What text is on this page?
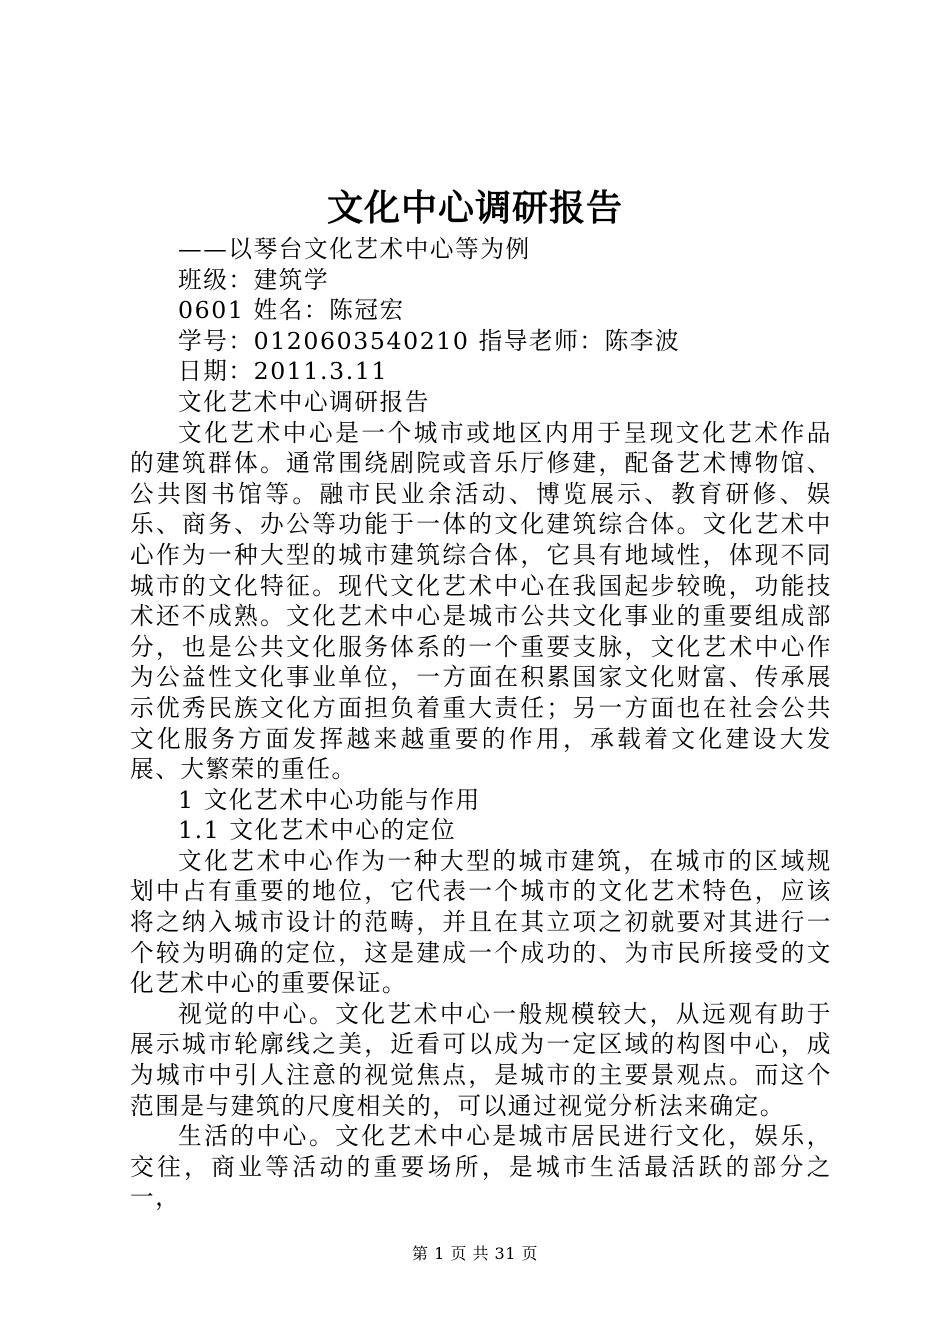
文化中心调研报告
——以琴台文化艺术中心等为例
班级：建筑学
0601 姓名：陈冠宏
学号：0120603540210 指导老师：陈李波
日期：2011.3.11
文化艺术中心调研报告

文化艺术中心是一个城市或地区内用于呈现文化艺术作品的建筑群体。通常围绕剧院或音乐厅修建，配备艺术博物馆、公共图书馆等。融市民业余活动、博览展示、教育研修、娱乐、商务、办公等功能于一体的文化建筑综合体。文化艺术中心作为一种大型的城市建筑综合体，它具有地域性，体现不同城市的文化特征。现代文化艺术中心在我国起步较晚，功能技术还不成熟。文化艺术中心是城市公共文化事业的重要组成部分，也是公共文化服务体系的一个重要支脉，文化艺术中心作为公益性文化事业单位，一方面在积累国家文化财富、传承展示优秀民族文化方面担负着重大责任；另一方面也在社会公共文化服务方面发挥越来越重要的作用，承载着文化建设大发展、大繁荣的重任。

1 文化艺术中心功能与作用
1.1 文化艺术中心的定位

文化艺术中心作为一种大型的城市建筑，在城市的区域规划中占有重要的地位，它代表一个城市的文化艺术特色，应该将之纳入城市设计的范畴，并且在其立项之初就要对其进行一个较为明确的定位，这是建成一个成功的、为市民所接受的文化艺术中心的重要保证。

视觉的中心。文化艺术中心一般规模较大，从远观有助于展示城市轮廓线之美，近看可以成为一定区域的构图中心，成为城市中引人注意的视觉焦点，是城市的主要景观点。而这个范围是与建筑的尺度相关的，可以通过视觉分析法来确定。

生活的中心。文化艺术中心是城市居民进行文化，娱乐，交往，商业等活动的重要场所，是城市生活最活跃的部分之一，

第 1 页 共 31 页
